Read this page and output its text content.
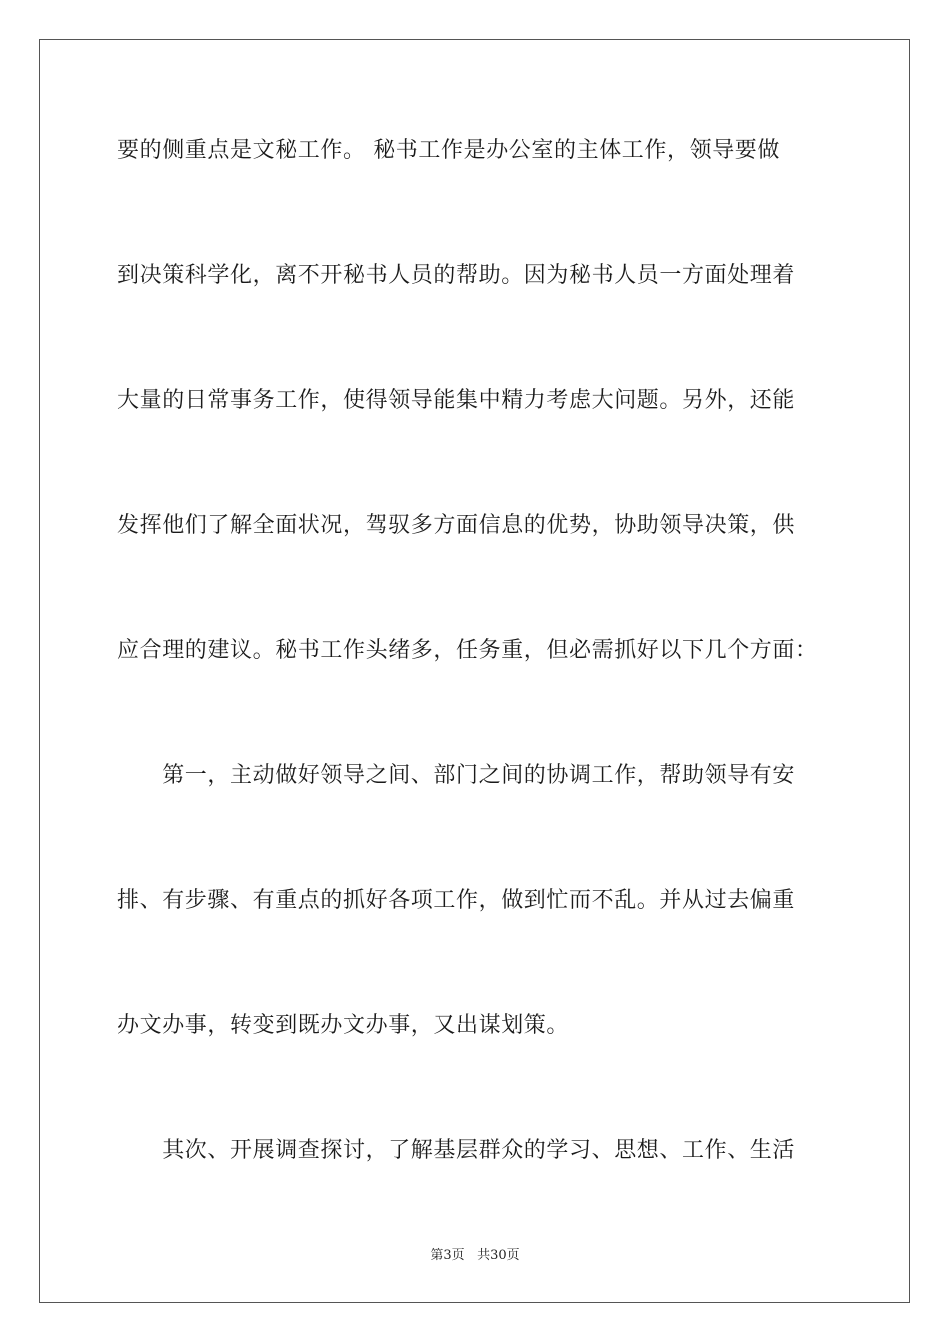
要的侧重点是文秘工作。 秘书工作是办公室的主体工作，领导要做
到决策科学化，离不开秘书人员的帮助。因为秘书人员一方面处理着
大量的日常事务工作，使得领导能集中精力考虑大问题。另外，还能
发挥他们了解全面状况，驾驭多方面信息的优势，协助领导决策，供
应合理的建议。秘书工作头绪多，任务重，但必需抓好以下几个方面：
　　第一，主动做好领导之间、部门之间的协调工作，帮助领导有安
排、有步骤、有重点的抓好各项工作，做到忙而不乱。并从过去偏重
办文办事，转变到既办文办事，又出谋划策。
　　其次、开展调查探讨，了解基层群众的学习、思想、工作、生活
第3页 共30页
